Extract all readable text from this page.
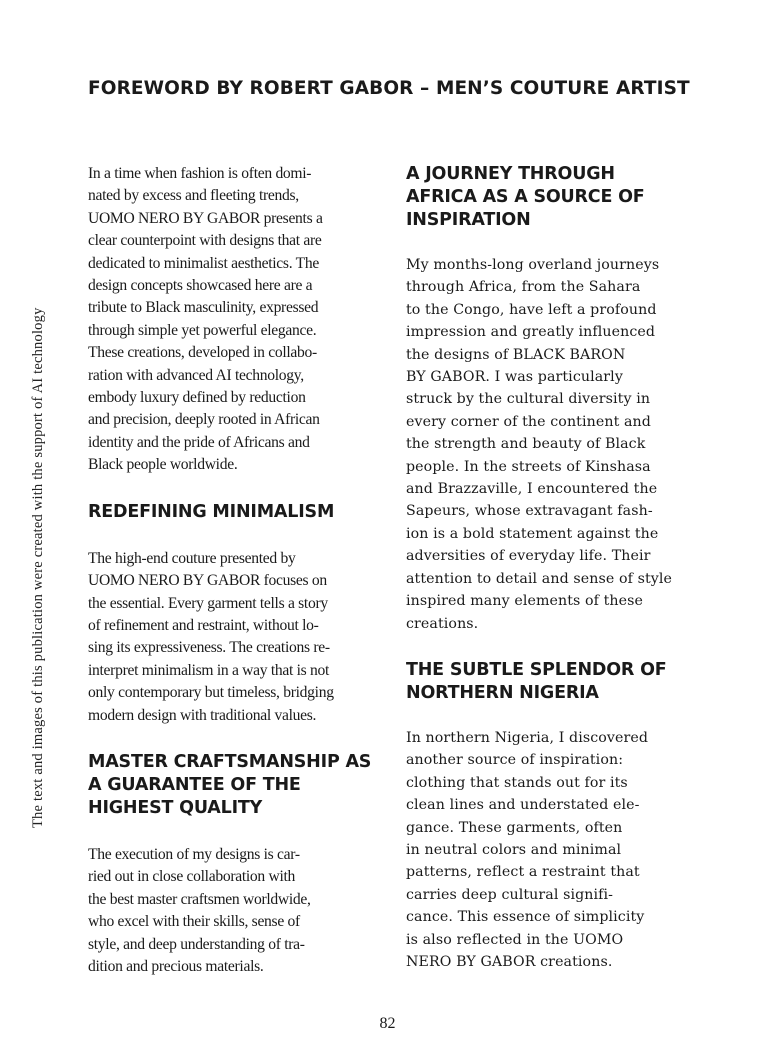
FOREWORD BY ROBERT GABOR – MEN’S COUTURE ARTIST
The text and images of this publication were created with the support of AI technology

In a time when fashion is often domi-
nated by excess and fleeting trends,
UOMO NERO BY GABOR presents a
clear counterpoint with designs that are
dedicated to minimalist aesthetics. The
design concepts showcased here are a
tribute to Black masculinity, expressed
through simple yet powerful elegance.
These creations, developed in collabo-
ration with advanced AI technology,
embody luxury defined by reduction
and precision, deeply rooted in African
identity and the pride of Africans and
Black people worldwide.

REDEFINING MINIMALISM

The high-end couture presented by
UOMO NERO BY GABOR focuses on
the essential. Every garment tells a story
of refinement and restraint, without lo-
sing its expressiveness. The creations re-
interpret minimalism in a way that is not
only contemporary but timeless, bridging
modern design with traditional values.

MASTER CRAFTSMANSHIP AS
A GUARANTEE OF THE
HIGHEST QUALITY

The execution of my designs is car-
ried out in close collaboration with
the best master craftsmen worldwide,
who excel with their skills, sense of
style, and deep understanding of tra-
dition and precious materials.

A JOURNEY THROUGH
AFRICA AS A SOURCE OF
INSPIRATION

My months-long overland journeys
through Africa, from the Sahara
to the Congo, have left a profound
impression and greatly influenced
the designs of BLACK BARON
BY GABOR. I was particularly
struck by the cultural diversity in
every corner of the continent and
the strength and beauty of Black
people. In the streets of Kinshasa
and Brazzaville, I encountered the
Sapeurs, whose extravagant fash-
ion is a bold statement against the
adversities of everyday life. Their
attention to detail and sense of style
inspired many elements of these
creations.

THE SUBTLE SPLENDOR OF
NORTHERN NIGERIA

In northern Nigeria, I discovered
another source of inspiration:
clothing that stands out for its
clean lines and understated ele-
gance. These garments, often
in neutral colors and minimal
patterns, reflect a restraint that
carries deep cultural signifi-
cance. This essence of simplicity
is also reflected in the UOMO
NERO BY GABOR creations.

82
